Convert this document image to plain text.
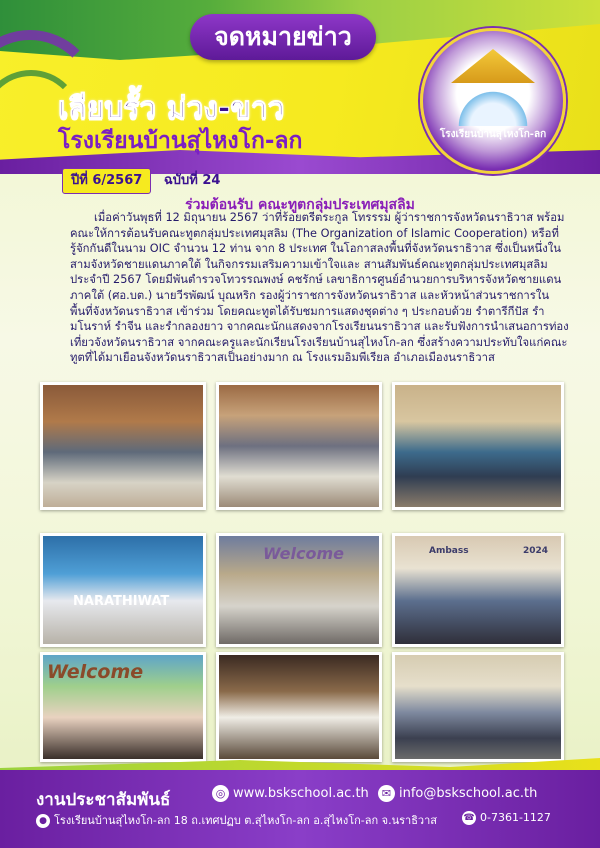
จดหมายข่าว
เลียบรั้ว ม่วง-ขาว
โรงเรียนบ้านสุไหงโก-ลก	โรงเรียนบ้านสุไหงโก-ลก
ปีที่ 6/2567 ฉบับที่ 24
ร่วมต้อนรับ คณะทูตกลุ่มประเทศมุสลิม
เมื่อค่าวันพุธที่ 12 มิถุนายน 2567 ว่าที่ร้อยตรีตระกูล โทรรรม ผู้ว่าราชการจังหวัดนราธิวาส พร้อมคณะให้การต้อนรับคณะทูตกลุ่มประเทศมุสลิม (The Organization of Islamic Cooperation) หรือที่รู้จักกันดีในนาม OIC จำนวน 12 ท่าน จาก 8 ประเทศ ในโอกาสลงพื้นที่จังหวัดนราธิวาส ซึ่งเป็นหนึ่งในสามจังหวัดชายแดนภาคใต้ ในกิจกรรมเสริมความเข้าใจและ สานสัมพันธ์คณะทูตกลุ่มประเทศมุสลิม ประจำปี 2567 โดยมีพันตำรวจโทวรรณพงษ์ คชรักษ์ เลขาธิการศูนย์อำนวยการบริหารจังหวัดชายแดนภาคใต้ (ศอ.บต.) นายวีรพัฒน์ บุณหริก รองผู้ว่าราชการจังหวัดนราธิวาส และหัวหน้าส่วนราชการในพื้นที่จังหวัดนราธิวาส เข้าร่วม โดยคณะทูตได้รับชมการแสดงชุดต่าง ๆ ประกอบด้วย รำตารีกีปัส รำมโนราห์ รำจีน และรำกลองยาว จากคณะนักแสดงจากโรงเรียนนราธิวาส และรับฟังการนำเสนอการท่องเที่ยวจังหวัดนราธิวาส จากคณะครูและนักเรียนโรงเรียนบ้านสุไหงโก-ลก ซึ่งสร้างความประทับใจแก่คณะทูตที่ได้มาเยือนจังหวัดนราธิวาสเป็นอย่างมาก ณ โรงแรมอิมพีเรียล อำเภอเมืองนราธิวาส
NARATHIWAT
Welcome	Ambass	2024
Welcome
งานประชาสัมพันธ์	◎ www.bskschool.ac.th	✉ info@bskschool.ac.th
● โรงเรียนบ้านสุไหงโก-ลก 18 ถ.เทศปฏบ ต.สุไหงโก-ลก อ.สุไหงโก-ลก จ.นราธิวาส	☎ 0-7361-1127
